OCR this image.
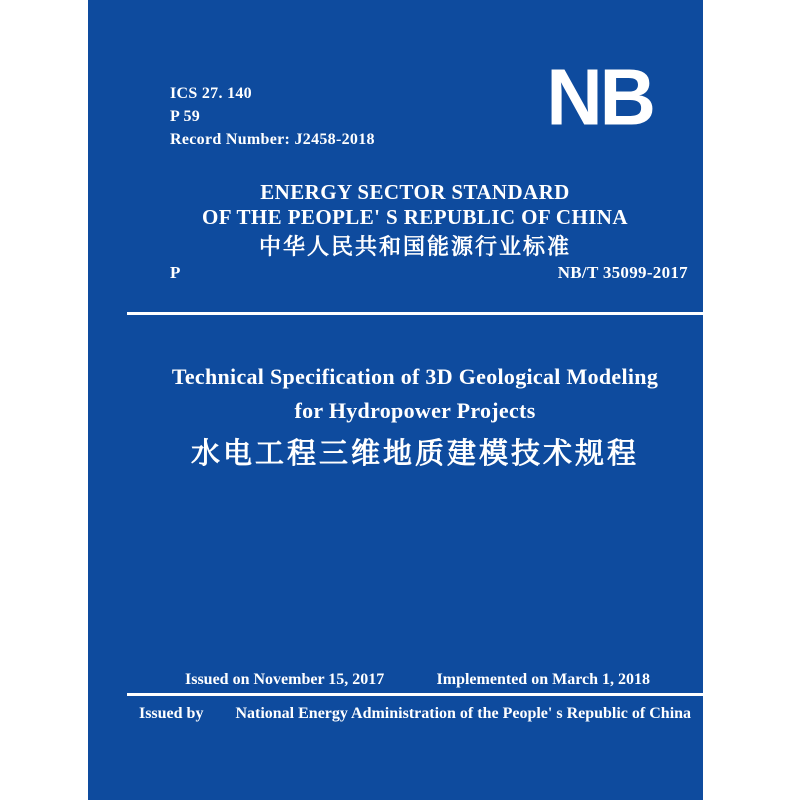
ICS 27. 140
P 59
Record Number: J2458-2018 NB
ENERGY SECTOR STANDARD
OF THE PEOPLE' S REPUBLIC OF CHINA
中华人民共和国能源行业标准
P	NB/T 35099-2017
Technical Specification of 3D Geological Modeling
for Hydropower Projects
水电工程三维地质建模技术规程
Issued on November 15, 2017	Implemented on March 1, 2018
Issued by National Energy Administration of the People' s Republic of China
